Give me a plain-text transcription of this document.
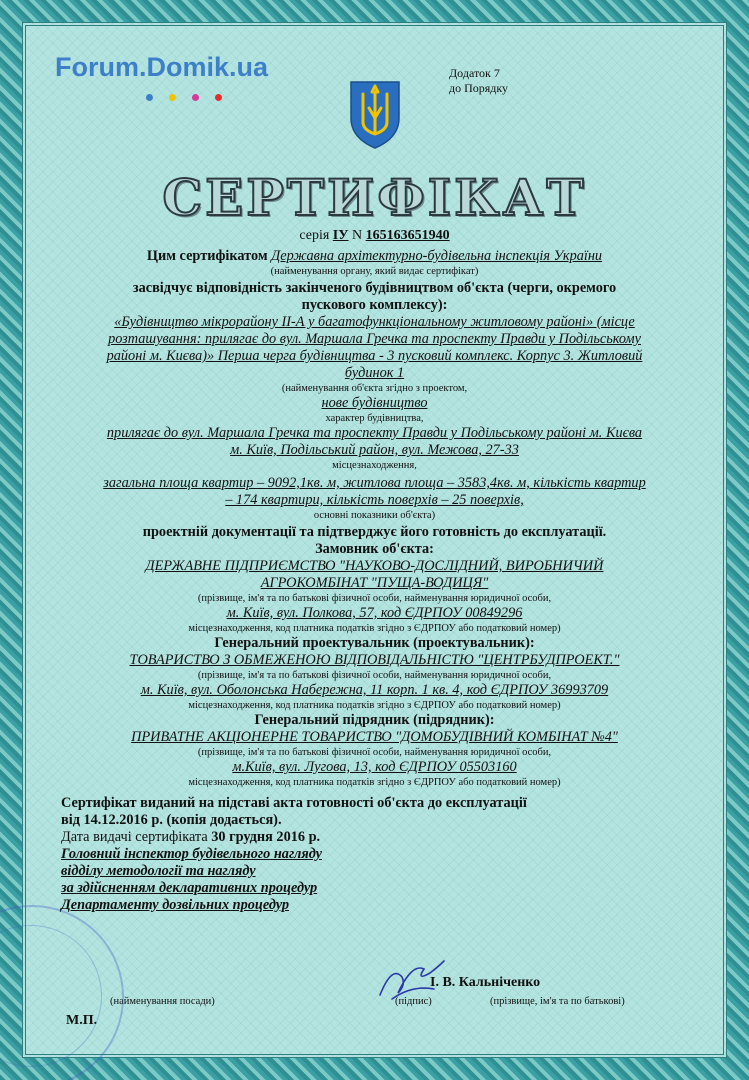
Forum.Domik.ua	Додаток 7
до Порядку
СЕРТИФІКАТ
серія IУ N 165163651940
Цим сертифікатом Державна архітектурно-будівельна інспекція України
(найменування органу, який видає сертифікат)
засвідчує відповідність закінченого будівництвом об'єкта (черги, окремого
пускового комплексу):
«Будівництво мікрорайону ІІ-А у багатофункціональному житловому районі» (місце
розташування: прилягає до вул. Маршала Гречка та проспекту Правди у Подільському
районі м. Києва)» Перша черга будівництва - 3 пусковий комплекс. Корпус 3. Житловий
будинок 1
(найменування об'єкта згідно з проектом,
нове будівництво
характер будівництва,
прилягає до вул. Маршала Гречка та проспекту Правди у Подільському районі м. Києва
м. Київ, Подільський район, вул. Межова, 27-33
місцезнаходження,
загальна площа квартир – 9092,1кв. м, житлова площа – 3583,4кв. м, кількість квартир
– 174 квартири, кількість поверхів – 25 поверхів,
основні показники об'єкта)
проектній документації та підтверджує його готовність до експлуатації.
Замовник об'єкта:
ДЕРЖАВНЕ ПІДПРИЄМСТВО "НАУКОВО-ДОСЛІДНИЙ, ВИРОБНИЧИЙ
АГРОКОМБІНАТ "ПУЩА-ВОДИЦЯ"
(прізвище, ім'я та по батькові фізичної особи, найменування юридичної особи,
м. Київ, вул. Полкова, 57, код ЄДРПОУ 00849296
місцезнаходження, код платника податків згідно з ЄДРПОУ або податковий номер)
Генеральний проектувальник (проектувальник):
ТОВАРИСТВО З ОБМЕЖЕНОЮ ВІДПОВІДАЛЬНІСТЮ "ЦЕНТРБУДПРОЕКТ."
(прізвище, ім'я та по батькові фізичної особи, найменування юридичної особи,
м. Київ, вул. Оболонська Набережна, 11 корп. 1 кв. 4, код ЄДРПОУ 36993709
місцезнаходження, код платника податків згідно з ЄДРПОУ або податковий номер)
Генеральний підрядник (підрядник):
ПРИВАТНЕ АКЦІОНЕРНЕ ТОВАРИСТВО "ДОМОБУДІВНИЙ КОМБІНАТ №4"
(прізвище, ім'я та по батькові фізичної особи, найменування юридичної особи,
м.Київ, вул. Лугова, 13, код ЄДРПОУ 05503160
місцезнаходження, код платника податків згідно з ЄДРПОУ або податковий номер)
Сертифікат виданий на підставі акта готовності об'єкта до експлуатації
від 14.12.2016 р. (копія додається).
Дата видачі сертифіката 30 грудня 2016 р.
Головний інспектор будівельного нагляду
відділу методології та нагляду
за здійсненням декларативних процедур
Департаменту дозвільних процедур
І. В. Кальніченко
(найменування посади)	(підпис)	(прізвище, ім'я та по батькові)
М.П.
